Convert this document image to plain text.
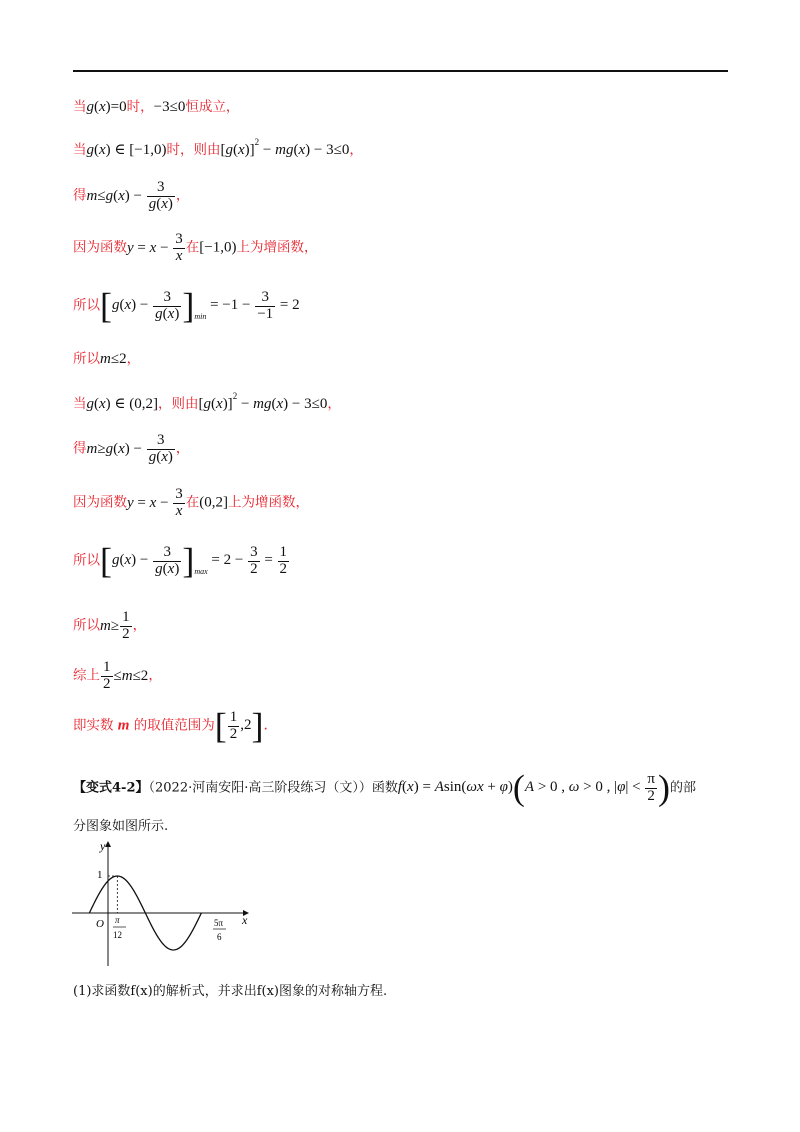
当g(x)=0时，−3≤0恒成立，
当g(x) ∈ [−1,0)时，则由$[g(x)]^2 - mg(x) - 3\le 0$，
得$m\le g(x) - \frac{3}{g(x)}$ ，
因为函数$y = x - \frac{3}{x}$ 在[−1,0)上为增函数，
所以$[g(x) - \frac{3}{g(x)} ]_{min} = -1 - \frac{3}{-1} = 2$
所以m≤2，
当g(x) ∈ (0,2]，则由$[g(x)]^2 - mg(x) - 3\le 0$，
得$m\ge g(x) - \frac{3}{g(x)}$ ，
因为函数$y = x - \frac{3}{x}$ 在(0,2]上为增函数，
所以$[g(x) - \frac{3}{g(x)} ]_{max} = 2 - \frac{3}{2} = \frac{1}{2}$
所以$m\ge \frac{1}{2}$ ，
综上 $\frac{1}{2} \le m\le 2$，
即实数 m 的取值范围为[ $\frac{1}{2} ,2$].
【变式4-2】（2022·河南安阳·高三阶段练习（文））函数f(x) = Asin(ωx + φ)(A > 0 , ω > 0 , $|\varphi| < \frac{\pi}{2}$ )的部
分图象如图所示.
y
x
O
1
π
12
5π
6
(1)求函数f(x)的解析式，并求出f(x)图象的对称轴方程.
